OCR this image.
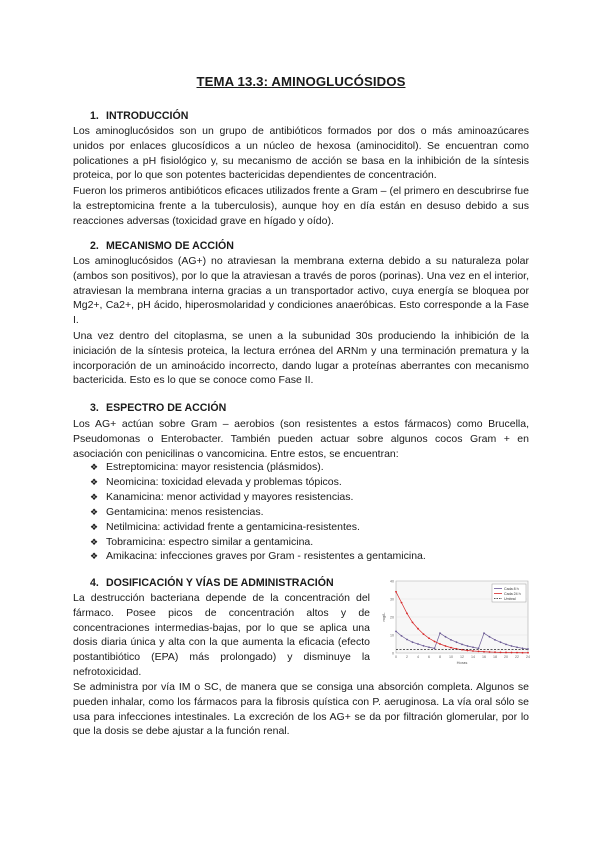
TEMA 13.3: AMINOGLUCÓSIDOS
1. INTRODUCCIÓN

Los aminoglucósidos son un grupo de antibióticos formados por dos o más aminoazúcares unidos por enlaces glucosídicos a un núcleo de hexosa (aminociditol). Se encuentran como policationes a pH fisiológico y, su mecanismo de acción se basa en la inhibición de la síntesis proteica, por lo que son potentes bactericidas dependientes de concentración.

Fueron los primeros antibióticos eficaces utilizados frente a Gram – (el primero en descubrirse fue la estreptomicina frente a la tuberculosis), aunque hoy en día están en desuso debido a sus reacciones adversas (toxicidad grave en hígado y oído).

2. MECANISMO DE ACCIÓN

Los aminoglucósidos (AG+) no atraviesan la membrana externa debido a su naturaleza polar (ambos son positivos), por lo que la atraviesan a través de poros (porinas). Una vez en el interior, atraviesan la membrana interna gracias a un transportador activo, cuya energía se bloquea por Mg2+, Ca2+, pH ácido, hiperosmolaridad y condiciones anaeróbicas. Esto corresponde a la Fase I.

Una vez dentro del citoplasma, se unen a la subunidad 30s produciendo la inhibición de la iniciación de la síntesis proteica, la lectura errónea del ARNm y una terminación prematura y la incorporación de un aminoácido incorrecto, dando lugar a proteínas aberrantes con mecanismo bactericida. Esto es lo que se conoce como Fase II.

3. ESPECTRO DE ACCIÓN

Los AG+ actúan sobre Gram – aerobios (son resistentes a estos fármacos) como Brucella, Pseudomonas o Enterobacter. También pueden actuar sobre algunos cocos Gram + en asociación con penicilinas o vancomicina. Entre estos, se encuentran:

❖ Estreptomicina: mayor resistencia (plásmidos).
❖ Neomicina: toxicidad elevada y problemas tópicos.
❖ Kanamicina: menor actividad y mayores resistencias.
❖ Gentamicina: menos resistencias.
❖ Netilmicina: actividad frente a gentamicina-resistentes.
❖ Tobramicina: espectro similar a gentamicina.
❖ Amikacina: infecciones graves por Gram - resistentes a gentamicina.
4. DOSIFICACIÓN Y VÍAS DE ADMINISTRACIÓN

La destrucción bacteriana depende de la concentración del fármaco. Posee picos de concentración altos y de concentraciones intermedias-bajas, por lo que se aplica una dosis diaria única y alta con la que aumenta la eficacia (efecto postantibiótico (EPA) más prolongado) y disminuye la nefrotoxicidad.

Se administra por vía IM o SC, de manera que se consiga una absorción completa. Algunos se pueden inhalar, como los fármacos para la fibrosis quística con P. aeruginosa. La vía oral sólo se usa para infecciones intestinales. La excreción de los AG+ se da por filtración glomerular, por lo que la dosis se debe ajustar a la función renal.

0
10
20
30
40
0	2	4	6	8 10 12 14 16 18 20 22 24
Horas
mg/L
Cada 8 h
Cada 24 h
Umbral
